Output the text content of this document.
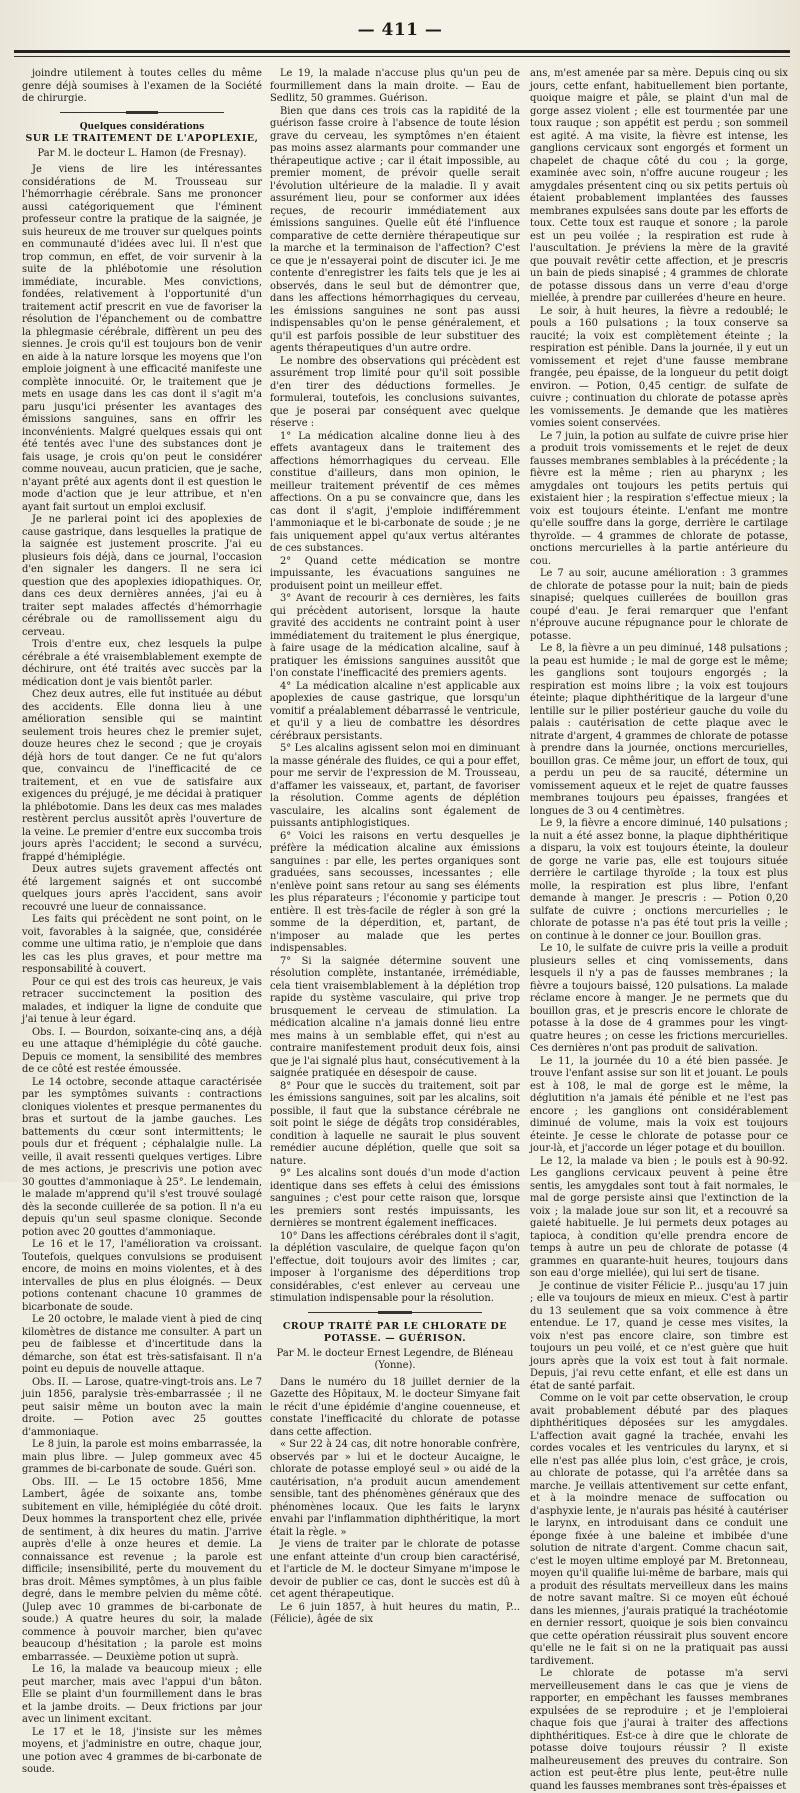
— 411 —

joindre utilement à toutes celles du même genre déjà soumises à l'examen de la Société de chirurgie.

Quelques considérations

SUR LE TRAITEMENT DE L'APOPLEXIE,

Par M. le docteur L. Hamon (de Fresnay).

Je viens de lire les intéressantes considérations de M. Trousseau sur l'hémorrhagie cérébrale. Sans me prononcer aussi catégoriquement que l'éminent professeur contre la pratique de la saignée, je suis heureux de me trouver sur quelques points en communauté d'idées avec lui. Il n'est que trop commun, en effet, de voir survenir à la suite de la phlébotomie une résolution immédiate, incurable. Mes convictions, fondées, relativement à l'opportunité d'un traitement actif prescrit en vue de favoriser la résolution de l'épanchement ou de combattre la phlegmasie cérébrale, diffèrent un peu des siennes. Je crois qu'il est toujours bon de venir en aide à la nature lorsque les moyens que l'on emploie joignent à une efficacité manifeste une complète innocuité. Or, le traitement que je mets en usage dans les cas dont il s'agit m'a paru jusqu'ici présenter les avantages des émissions sanguines, sans en offrir les inconvénients. Malgré quelques essais qui ont été tentés avec l'une des substances dont je fais usage, je crois qu'on peut le considérer comme nouveau, aucun praticien, que je sache, n'ayant prêté aux agents dont il est question le mode d'action que je leur attribue, et n'en ayant fait surtout un emploi exclusif.

Je ne parlerai point ici des apoplexies de cause gastrique, dans lesquelles la pratique de la saignée est justement proscrite. J'ai eu plusieurs fois déjà, dans ce journal, l'occasion d'en signaler les dangers. Il ne sera ici question que des apoplexies idiopathiques. Or, dans ces deux dernières années, j'ai eu à traiter sept malades affectés d'hémorrhagie cérébrale ou de ramollissement aigu du cerveau.

Trois d'entre eux, chez lesquels la pulpe cérébrale a été vraisemblablement exempte de déchirure, ont été traités avec succès par la médication dont je vais bientôt parler.

Chez deux autres, elle fut instituée au début des accidents. Elle donna lieu à une amélioration sensible qui se maintint seulement trois heures chez le premier sujet, douze heures chez le second ; que je croyais déjà hors de tout danger. Ce ne fut qu'alors que, convaincu de l'inefficacité de ce traitement, et en vue de satisfaire aux exigences du préjugé, je me décidai à pratiquer la phlébotomie. Dans les deux cas mes malades restèrent perclus aussitôt après l'ouverture de la veine. Le premier d'entre eux succomba trois jours après l'accident; le second a survécu, frappé d'hémiplégie.

Deux autres sujets gravement affectés ont été largement saignés et ont succombé quelques jours après l'accident, sans avoir recouvré une lueur de connaissance.

Les faits qui précèdent ne sont point, on le voit, favorables à la saignée, que, considérée comme une ultima ratio, je n'emploie que dans les cas les plus graves, et pour mettre ma responsabilité à couvert.

Pour ce qui est des trois cas heureux, je vais retracer succinctement la position des malades, et indiquer la ligne de conduite que j'ai tenue à leur égard.

Obs. I. — Bourdon, soixante-cinq ans, a déjà eu une attaque d'hémiplégie du côté gauche. Depuis ce moment, la sensibilité des membres de ce côté est restée émoussée.

Le 14 octobre, seconde attaque caractérisée par les symptômes suivants : contractions cloniques violentes et presque permanentes du bras et surtout de la jambe gauches. Les battements du cœur sont intermittents; le pouls dur et fréquent ; céphalalgie nulle. La veille, il avait ressenti quelques vertiges. Libre de mes actions, je prescrivis une potion avec 30 gouttes d'ammoniaque à 25°. Le lendemain, le malade m'apprend qu'il s'est trouvé soulagé dès la seconde cuillerée de sa potion. Il n'a eu depuis qu'un seul spasme clonique. Seconde potion avec 20 gouttes d'ammoniaque.

Le 16 et le 17, l'amélioration va croissant. Toutefois, quelques convulsions se produisent encore, de moins en moins violentes, et à des intervalles de plus en plus éloignés. — Deux potions contenant chacune 10 grammes de bicarbonate de soude.

Le 20 octobre, le malade vient à pied de cinq kilomètres de distance me consulter. A part un peu de faiblesse et d'incertitude dans la démarche, son état est très-satisfaisant. Il n'a point eu depuis de nouvelle attaque.

Obs. II. — Larose, quatre-vingt-trois ans. Le 7 juin 1856, paralysie très-embarrassée ; il ne peut saisir même un bouton avec la main droite. — Potion avec 25 gouttes d'ammoniaque.

Le 8 juin, la parole est moins embarrassée, la main plus libre. — Julep gommeux avec 45 grammes de bi-carbonate de soude. Guéri son.

Obs. III. — Le 15 octobre 1856, Mme Lambert, âgée de soixante ans, tombe subitement en ville, hémiplégiée du côté droit. Deux hommes la transportent chez elle, privée de sentiment, à dix heures du matin. J'arrive auprès d'elle à onze heures et demie. La connaissance est revenue ; la parole est difficile; insensibilité, perte du mouvement du bras droit. Mêmes symptômes, à un plus faible degré, dans le membre pelvien du même côté. (Julep avec 10 grammes de bi-carbonate de soude.) A quatre heures du soir, la malade commence à pouvoir marcher, bien qu'avec beaucoup d'hésitation ; la parole est moins embarrassée. — Deuxième potion ut suprà.

Le 16, la malade va beaucoup mieux ; elle peut marcher, mais avec l'appui d'un bâton. Elle se plaint d'un fourmillement dans le bras et la jambe droits. — Deux frictions par jour avec un liniment excitant.

Le 17 et le 18, j'insiste sur les mêmes moyens, et j'administre en outre, chaque jour, une potion avec 4 grammes de bi-carbonate de soude.

Le 19, la malade n'accuse plus qu'un peu de fourmillement dans la main droite. — Eau de Sedlitz, 50 grammes. Guérison.

Bien que dans ces trois cas la rapidité de la guérison fasse croire à l'absence de toute lésion grave du cerveau, les symptômes n'en étaient pas moins assez alarmants pour commander une thérapeutique active ; car il était impossible, au premier moment, de prévoir quelle serait l'évolution ultérieure de la maladie. Il y avait assurément lieu, pour se conformer aux idées reçues, de recourir immédiatement aux émissions sanguines. Quelle eût été l'influence comparative de cette dernière thérapeutique sur la marche et la terminaison de l'affection? C'est ce que je n'essayerai point de discuter ici. Je me contente d'enregistrer les faits tels que je les ai observés, dans le seul but de démontrer que, dans les affections hémorrhagiques du cerveau, les émissions sanguines ne sont pas aussi indispensables qu'on le pense généralement, et qu'il est parfois possible de leur substituer des agents thérapeutiques d'un autre ordre.

Le nombre des observations qui précèdent est assurément trop limité pour qu'il soit possible d'en tirer des déductions formelles. Je formulerai, toutefois, les conclusions suivantes, que je poserai par conséquent avec quelque réserve :

1° La médication alcaline donne lieu à des effets avantageux dans le traitement des affections hémorrhagiques du cerveau. Elle constitue d'ailleurs, dans mon opinion, le meilleur traitement préventif de ces mêmes affections. On a pu se convaincre que, dans les cas dont il s'agit, j'emploie indifféremment l'ammoniaque et le bi-carbonate de soude ; je ne fais uniquement appel qu'aux vertus altérantes de ces substances.

2° Quand cette médication se montre impuissante, les évacuations sanguines ne produisent point un meilleur effet.

3° Avant de recourir à ces dernières, les faits qui précèdent autorisent, lorsque la haute gravité des accidents ne contraint point à user immédiatement du traitement le plus énergique, à faire usage de la médication alcaline, sauf à pratiquer les émissions sanguines aussitôt que l'on constate l'inefficacité des premiers agents.

4° La médication alcaline n'est applicable aux apoplexies de cause gastrique, que lorsqu'un vomitif a préalablement débarrassé le ventricule, et qu'il y a lieu de combattre les désordres cérébraux persistants.

5° Les alcalins agissent selon moi en diminuant la masse générale des fluides, ce qui a pour effet, pour me servir de l'expression de M. Trousseau, d'affamer les vaisseaux, et, partant, de favoriser la résolution. Comme agents de déplétion vasculaire, les alcalins sont également de puissants antiphlogistiques.

6° Voici les raisons en vertu desquelles je préfère la médication alcaline aux émissions sanguines : par elle, les pertes organiques sont graduées, sans secousses, incessantes ; elle n'enlève point sans retour au sang ses éléments les plus réparateurs ; l'économie y participe tout entière. Il est très-facile de régler à son gré la somme de la déperdition, et, partant, de n'imposer au malade que les pertes indispensables.

7° Si la saignée détermine souvent une résolution complète, instantanée, irrémédiable, cela tient vraisemblablement à la déplétion trop rapide du système vasculaire, qui prive trop brusquement le cerveau de stimulation. La médication alcaline n'a jamais donné lieu entre mes mains à un semblable effet, qui n'est au contraire manifestement produit deux fois, ainsi que je l'ai signalé plus haut, consécutivement à la saignée pratiquée en désespoir de cause.

8° Pour que le succès du traitement, soit par les émissions sanguines, soit par les alcalins, soit possible, il faut que la substance cérébrale ne soit point le siége de dégâts trop considérables, condition à laquelle ne saurait le plus souvent remédier aucune déplétion, quelle que soit sa nature.

9° Les alcalins sont doués d'un mode d'action identique dans ses effets à celui des émissions sanguines ; c'est pour cette raison que, lorsque les premiers sont restés impuissants, les dernières se montrent également inefficaces.

10° Dans les affections cérébrales dont il s'agit, la déplétion vasculaire, de quelque façon qu'on l'effectue, doit toujours avoir des limites ; car, imposer à l'organisme des déperditions trop considérables, c'est enlever au cerveau une stimulation indispensable pour la résolution.

CROUP TRAITÉ PAR LE CHLORATE DE POTASSE. — GUÉRISON.

Par M. le docteur Ernest Legendre, de Bléneau (Yonne).

Dans le numéro du 18 juillet dernier de la Gazette des Hôpitaux, M. le docteur Simyane fait le récit d'une épidémie d'angine couenneuse, et constate l'inefficacité du chlorate de potasse dans cette affection.

« Sur 22 à 24 cas, dit notre honorable confrère, observés par » lui et le docteur Aucaigne, le chlorate de potasse employé seul » ou aidé de la cautérisation, n'a produit aucun amendement sensible, tant des phénomènes généraux que des phénomènes locaux. Que les faits le larynx envahi par l'inflammation diphthéritique, la mort était la règle. »

Je viens de traiter par le chlorate de potasse une enfant atteinte d'un croup bien caractérisé, et l'article de M. le docteur Simyane m'impose le devoir de publier ce cas, dont le succès est dû à cet agent thérapeutique.

Le 6 juin 1857, à huit heures du matin, P... (Félicie), âgée de six

ans, m'est amenée par sa mère. Depuis cinq ou six jours, cette enfant, habituellement bien portante, quoique maigre et pâle, se plaint d'un mal de gorge assez violent ; elle est tourmentée par une toux rauque ; son appétit est perdu ; son sommeil est agité. A ma visite, la fièvre est intense, les ganglions cervicaux sont engorgés et forment un chapelet de chaque côté du cou ; la gorge, examinée avec soin, n'offre aucune rougeur ; les amygdales présentent cinq ou six petits pertuis où étaient probablement implantées des fausses membranes expulsées sans doute par les efforts de toux. Cette toux est rauque et sonore ; la parole est un peu voilée ; la respiration est rude à l'auscultation. Je préviens la mère de la gravité que pouvait revêtir cette affection, et je prescris un bain de pieds sinapisé ; 4 grammes de chlorate de potasse dissous dans un verre d'eau d'orge miellée, à prendre par cuillerées d'heure en heure.

Le soir, à huit heures, la fièvre a redoublé; le pouls a 160 pulsations ; la toux conserve sa raucité; la voix est complètement éteinte ; la respiration est pénible. Dans la journée, il y eut un vomissement et rejet d'une fausse membrane frangée, peu épaisse, de la longueur du petit doigt environ. — Potion, 0,45 centigr. de sulfate de cuivre ; continuation du chlorate de potasse après les vomissements. Je demande que les matières vomies soient conservées.

Le 7 juin, la potion au sulfate de cuivre prise hier a produit trois vomissements et le rejet de deux fausses membranes semblables à la précédente ; la fièvre est la même ; rien au pharynx ; les amygdales ont toujours les petits pertuis qui existaient hier ; la respiration s'effectue mieux ; la voix est toujours éteinte. L'enfant me montre qu'elle souffre dans la gorge, derrière le cartilage thyroïde. — 4 grammes de chlorate de potasse, onctions mercurielles à la partie antérieure du cou.

Le 7 au soir, aucune amélioration : 3 grammes de chlorate de potasse pour la nuit; bain de pieds sinapisé; quelques cuillerées de bouillon gras coupé d'eau. Je ferai remarquer que l'enfant n'éprouve aucune répugnance pour le chlorate de potasse.

Le 8, la fièvre a un peu diminué, 148 pulsations ; la peau est humide ; le mal de gorge est le même; les ganglions sont toujours engorgés ; la respiration est moins libre ; la voix est toujours éteinte; plaque diphthéritique de la largeur d'une lentille sur le pilier postérieur gauche du voile du palais : cautérisation de cette plaque avec le nitrate d'argent, 4 grammes de chlorate de potasse à prendre dans la journée, onctions mercurielles, bouillon gras. Ce même jour, un effort de toux, qui a perdu un peu de sa raucité, détermine un vomissement aqueux et le rejet de quatre fausses membranes toujours peu épaisses, frangées et longues de 3 ou 4 centimètres.

Le 9, la fièvre a encore diminué, 140 pulsations ; la nuit a été assez bonne, la plaque diphthéritique a disparu, la voix est toujours éteinte, la douleur de gorge ne varie pas, elle est toujours située derrière le cartilage thyroïde ; la toux est plus molle, la respiration est plus libre, l'enfant demande à manger. Je prescris : — Potion 0,20 sulfate de cuivre ; onctions mercurielles ; le chlorate de potasse n'a pas été tout pris la veille ; on continue à le donner ce jour. Bouillon gras.

Le 10, le sulfate de cuivre pris la veille a produit plusieurs selles et cinq vomissements, dans lesquels il n'y a pas de fausses membranes ; la fièvre a toujours baissé, 120 pulsations. La malade réclame encore à manger. Je ne permets que du bouillon gras, et je prescris encore le chlorate de potasse à la dose de 4 grammes pour les vingt-quatre heures ; on cesse les frictions mercurielles. Ces dernières n'ont pas produit de salivation.

Le 11, la journée du 10 a été bien passée. Je trouve l'enfant assise sur son lit et jouant. Le pouls est à 108, le mal de gorge est le même, la déglutition n'a jamais été pénible et ne l'est pas encore ; les ganglions ont considérablement diminué de volume, mais la voix est toujours éteinte. Je cesse le chlorate de potasse pour ce jour-là, et j'accorde un léger potage et du bouillon.

Le 12, la malade va bien ; le pouls est à 90-92. Les ganglions cervicaux peuvent à peine être sentis, les amygdales sont tout à fait normales, le mal de gorge persiste ainsi que l'extinction de la voix ; la malade joue sur son lit, et a recouvré sa gaieté habituelle. Je lui permets deux potages au tapioca, à condition qu'elle prendra encore de temps à autre un peu de chlorate de potasse (4 grammes en quarante-huit heures, toujours dans son eau d'orge miellée), qui lui sert de tisane.

Je continue de visiter Félicie P... jusqu'au 17 juin ; elle va toujours de mieux en mieux. C'est à partir du 13 seulement que sa voix commence à être entendue. Le 17, quand je cesse mes visites, la voix n'est pas encore claire, son timbre est toujours un peu voilé, et ce n'est guère que huit jours après que la voix est tout à fait normale. Depuis, j'ai revu cette enfant, et elle est dans un état de santé parfait.

Comme on le voit par cette observation, le croup avait probablement débuté par des plaques diphthéritiques déposées sur les amygdales. L'affection avait gagné la trachée, envahi les cordes vocales et les ventricules du larynx, et si elle n'est pas allée plus loin, c'est grâce, je crois, au chlorate de potasse, qui l'a arrêtée dans sa marche. Je veillais attentivement sur cette enfant, et à la moindre menace de suffocation ou d'asphyxie lente, je n'aurais pas hésité à cautériser le larynx, en introduisant dans ce conduit une éponge fixée à une baleine et imbibée d'une solution de nitrate d'argent. Comme chacun sait, c'est le moyen ultime employé par M. Bretonneau, moyen qu'il qualifie lui-même de barbare, mais qui a produit des résultats merveilleux dans les mains de notre savant maître. Si ce moyen eût échoué dans les miennes, j'aurais pratiqué la trachéotomie en dernier ressort, quoique je sois bien convaincu que cette opération réussirait plus souvent encore qu'elle ne le fait si on ne la pratiquait pas aussi tardivement.

Le chlorate de potasse m'a servi merveilleusement dans le cas que je viens de rapporter, en empêchant les fausses membranes expulsées de se reproduire ; et je l'emploierai chaque fois que j'aurai à traiter des affections diphthéritiques. Est-ce à dire que le chlorate de potasse doive toujours réussir ? Il existe malheureusement des preuves du contraire. Son action est peut-être plus lente, peut-être nulle quand les fausses membranes sont très-épaisses et
